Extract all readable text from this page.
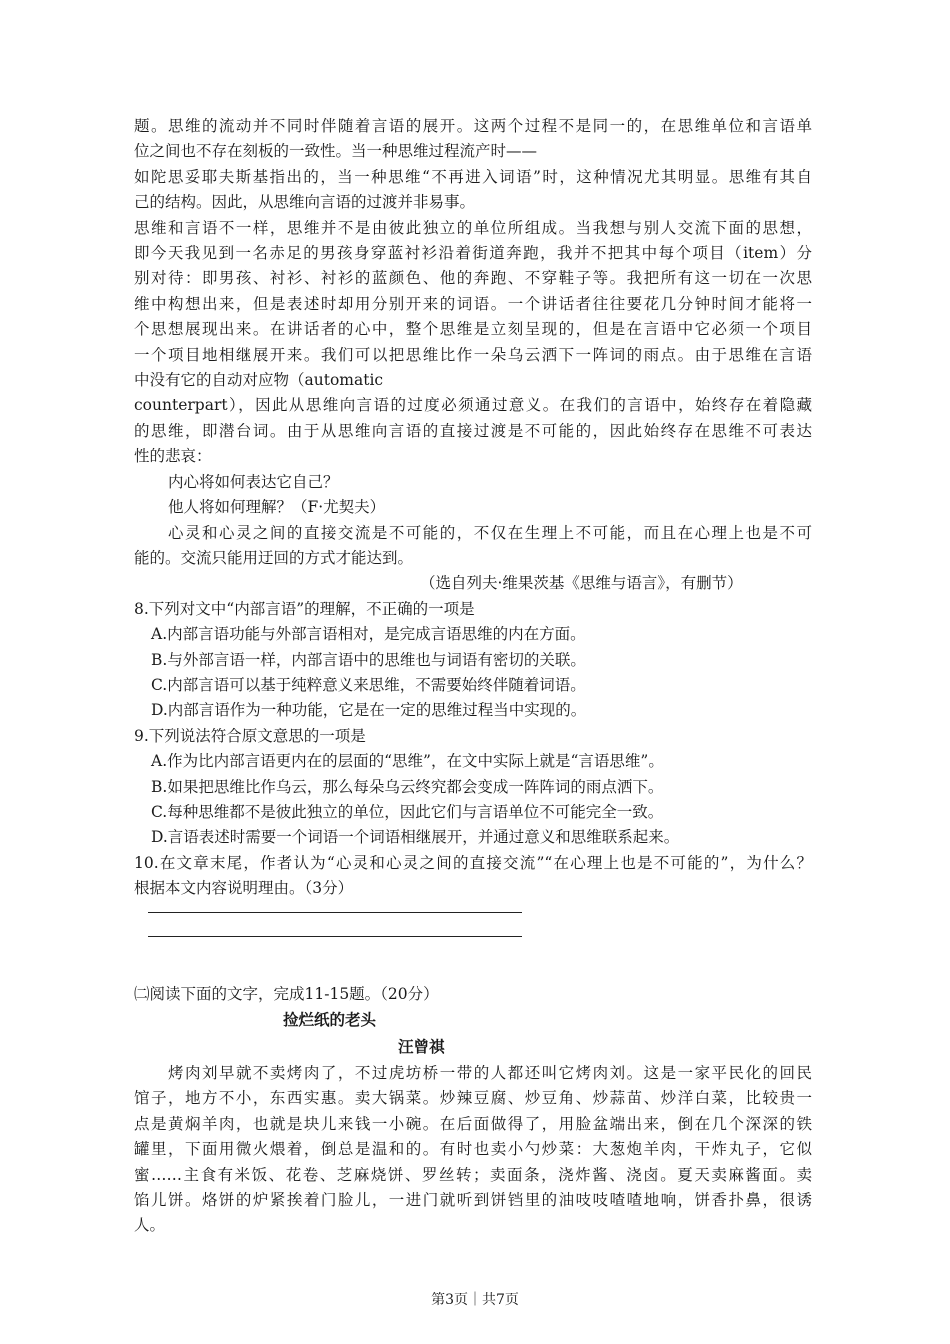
题。思维的流动并不同时伴随着言语的展开。这两个过程不是同一的，在思维单位和言语单
位之间也不存在刻板的一致性。当一种思维过程流产时——
如陀思妥耶夫斯基指出的，当一种思维“不再进入词语”时，这种情况尤其明显。思维有其自
己的结构。因此，从思维向言语的过渡并非易事。
思维和言语不一样，思维并不是由彼此独立的单位所组成。当我想与别人交流下面的思想，
即今天我见到一名赤足的男孩身穿蓝衬衫沿着街道奔跑，我并不把其中每个项目（item）分
别对待：即男孩、衬衫、衬衫的蓝颜色、他的奔跑、不穿鞋子等。我把所有这一切在一次思
维中构想出来，但是表述时却用分别开来的词语。一个讲话者往往要花几分钟时间才能将一
个思想展现出来。在讲话者的心中，整个思维是立刻呈现的，但是在言语中它必须一个项目
一个项目地相继展开来。我们可以把思维比作一朵乌云洒下一阵词的雨点。由于思维在言语
中没有它的自动对应物（automatic
counterpart），因此从思维向言语的过度必须通过意义。在我们的言语中，始终存在着隐藏
的思维，即潜台词。由于从思维向言语的直接过渡是不可能的，因此始终存在思维不可表达
性的悲哀：
内心将如何表达它自己？
他人将如何理解？（F·尤契夫）
心灵和心灵之间的直接交流是不可能的，不仅在生理上不可能，而且在心理上也是不可
能的。交流只能用迂回的方式才能达到。
（选自列夫·维果茨基《思维与语言》，有删节）
8.下列对文中“内部言语”的理解，不正确的一项是
A.内部言语功能与外部言语相对，是完成言语思维的内在方面。
B.与外部言语一样，内部言语中的思维也与词语有密切的关联。
C.内部言语可以基于纯粹意义来思维，不需要始终伴随着词语。
D.内部言语作为一种功能，它是在一定的思维过程当中实现的。
9.下列说法符合原文意思的一项是
A.作为比内部言语更内在的层面的“思维”，在文中实际上就是“言语思维”。
B.如果把思维比作乌云，那么每朵乌云终究都会变成一阵阵词的雨点洒下。
C.每种思维都不是彼此独立的单位，因此它们与言语单位不可能完全一致。
D.言语表述时需要一个词语一个词语相继展开，并通过意义和思维联系起来。
10.在文章末尾，作者认为“心灵和心灵之间的直接交流”“在心理上也是不可能的”，为什么？
根据本文内容说明理由。（3分）
㈡阅读下面的文字，完成11-15题。（20分）
捡烂纸的老头
汪曾祺
烤肉刘早就不卖烤肉了，不过虎坊桥一带的人都还叫它烤肉刘。这是一家平民化的回民
馆子，地方不小，东西实惠。卖大锅菜。炒辣豆腐、炒豆角、炒蒜苗、炒洋白菜，比较贵一
点是黄焖羊肉，也就是块儿来钱一小碗。在后面做得了，用脸盆端出来，倒在几个深深的铁
罐里，下面用微火煨着，倒总是温和的。有时也卖小勺炒菜：大葱炮羊肉，干炸丸子，它似
蜜……主食有米饭、花卷、芝麻烧饼、罗丝转；卖面条，浇炸酱、浇卤。夏天卖麻酱面。卖
馅儿饼。烙饼的炉紧挨着门脸儿，一进门就听到饼铛里的油吱吱喳喳地响，饼香扑鼻，很诱
人。
第3页｜共7页
